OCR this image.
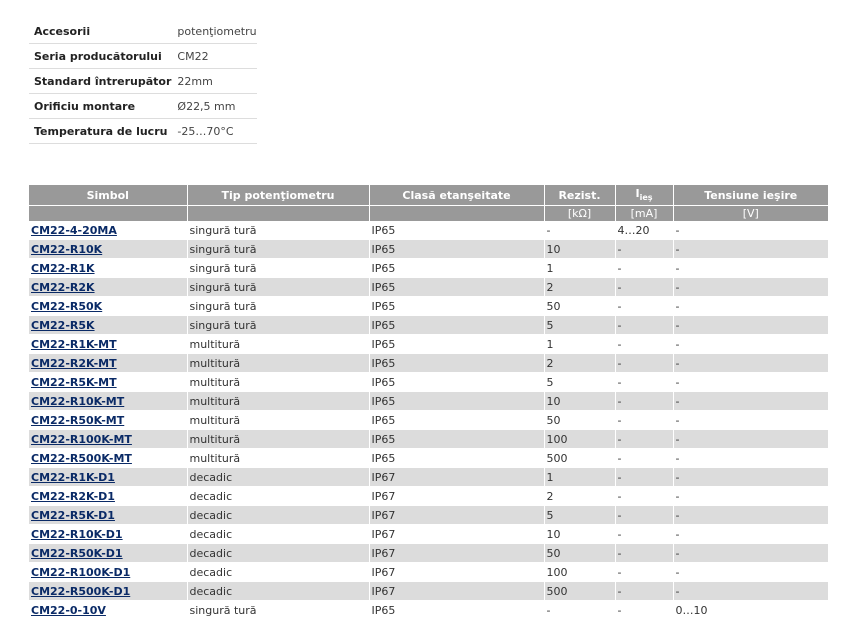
Accesorii	potenţiometru
Seria producătorului	CM22
Standard întrerupător	22mm
Orificiu montare	Ø22,5 mm
Temperatura de lucru	-25…70°C
Simbol	Tip potenţiometru	Clasă etanşeitate	Rezist.	$I_{ieş}$	Tensiune ieşire
			[kΩ]	[mA]	[V]
CM22-4-20MA	singură tură	IP65	-	4…20	-
CM22-R10K	singură tură	IP65	10	-	-
CM22-R1K	singură tură	IP65	1	-	-
CM22-R2K	singură tură	IP65	2	-	-
CM22-R50K	singură tură	IP65	50	-	-
CM22-R5K	singură tură	IP65	5	-	-
CM22-R1K-MT	multitură	IP65	1	-	-
CM22-R2K-MT	multitură	IP65	2	-	-
CM22-R5K-MT	multitură	IP65	5	-	-
CM22-R10K-MT	multitură	IP65	10	-	-
CM22-R50K-MT	multitură	IP65	50	-	-
CM22-R100K-MT	multitură	IP65	100	-	-
CM22-R500K-MT	multitură	IP65	500	-	-
CM22-R1K-D1	decadic	IP67	1	-	-
CM22-R2K-D1	decadic	IP67	2	-	-
CM22-R5K-D1	decadic	IP67	5	-	-
CM22-R10K-D1	decadic	IP67	10	-	-
CM22-R50K-D1	decadic	IP67	50	-	-
CM22-R100K-D1	decadic	IP67	100	-	-
CM22-R500K-D1	decadic	IP67	500	-	-
CM22-0-10V	singură tură	IP65	-	-	0…10
